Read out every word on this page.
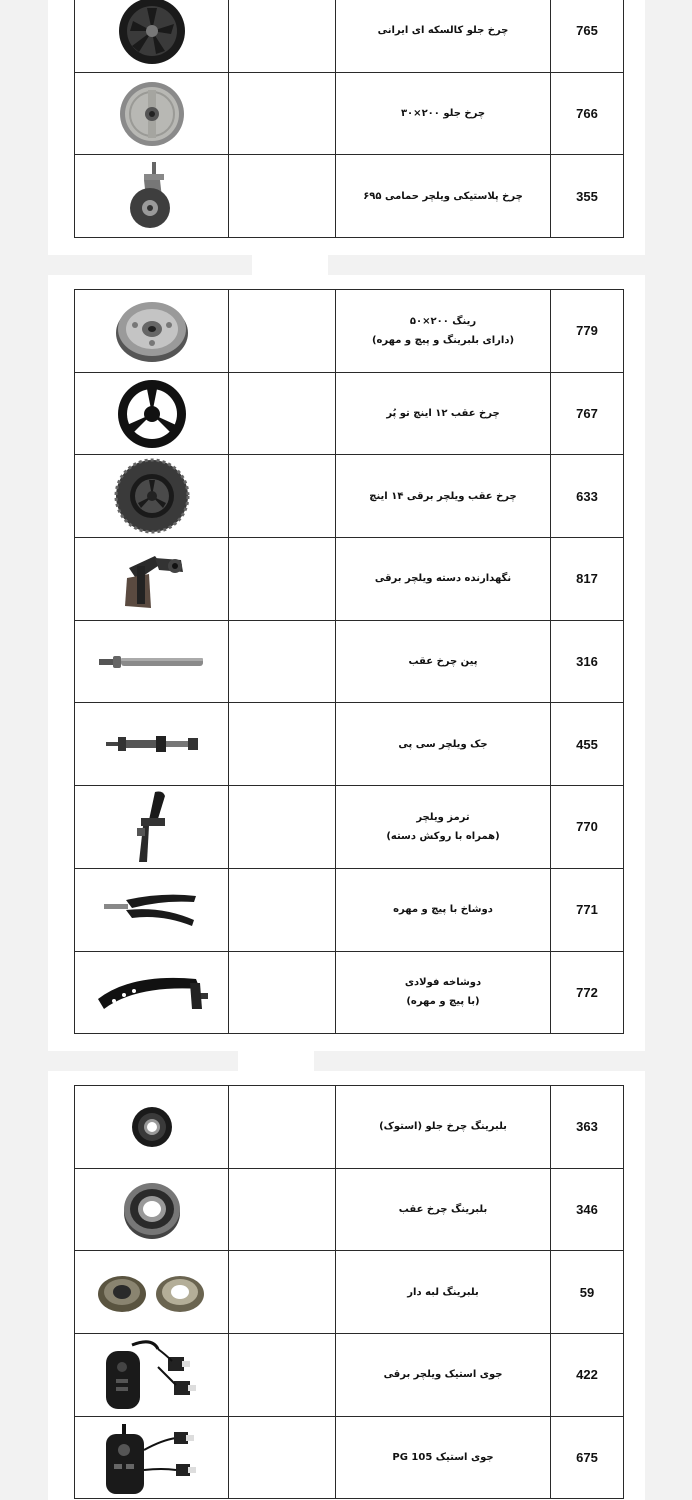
چرخ جلو کالسکه ای ایرانی	765

چرخ جلو ۲۰۰×۳۰	766

چرخ پلاستیکی ویلچر حمامی ۶۹۵	355

رینگ ۲۰۰×۵۰
(دارای بلبرینگ و پیچ و مهره)	779

چرخ عقب ۱۲ اینچ تو پُر	767

چرخ عقب ویلچر برقی ۱۴ اینچ	633

نگهدارنده دسته ویلچر برقی	817

پین چرخ عقب	316

جک ویلچر سی پی	455

ترمز ویلچر
(همراه با روکش دسته)	770

دوشاخ با پیچ و مهره	771

دوشاخه فولادی
(با پیچ و مهره)	772

بلبرینگ چرخ جلو (استوک)	363

بلبرینگ چرخ عقب	346

بلبرینگ لبه دار	59

جوی استیک ویلچر برقی	422

جوی استیک PG 105	675
